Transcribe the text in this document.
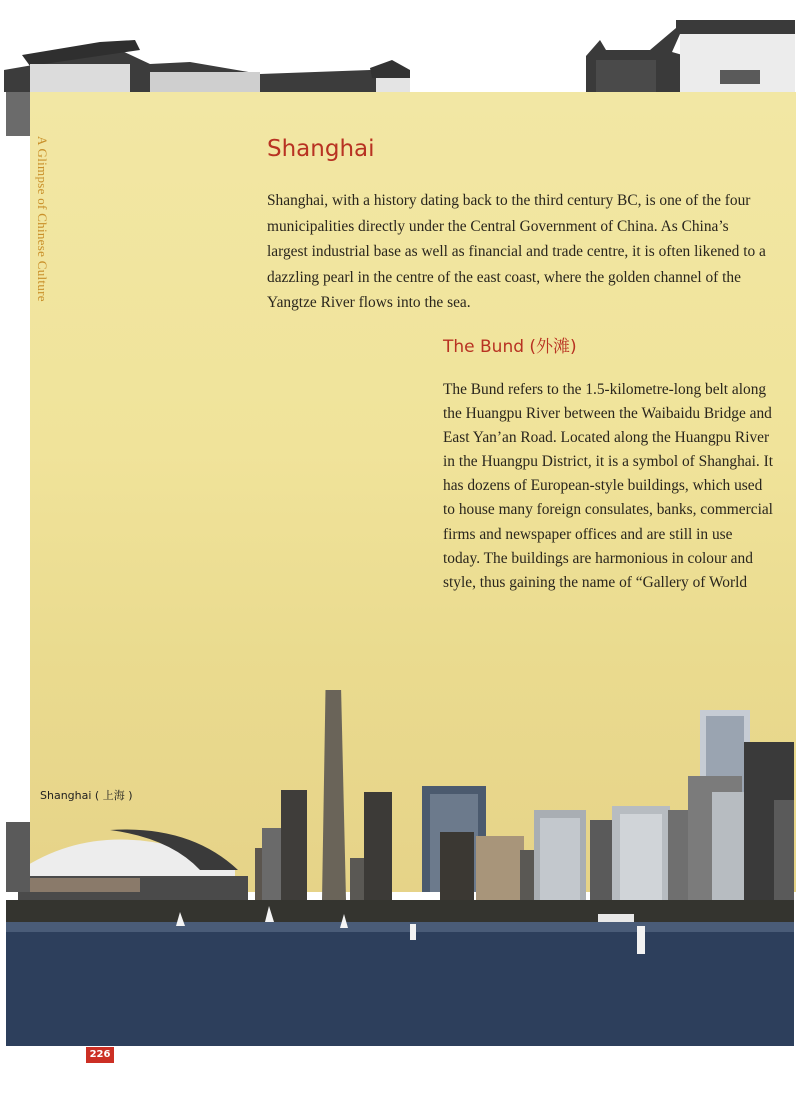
A Glimpse of Chinese Culture	Shanghai

Shanghai, with a history dating back to the third century BC, is one of the four municipalities directly under the Central Government of China. As China’s largest industrial base as well as financial and trade centre, it is often likened to a dazzling pearl in the centre of the east coast, where the golden channel of the Yangtze River flows into the sea.

The Bund (外滩)

The Bund refers to the 1.5-kilometre-long belt along the Huangpu River between the Waibaidu Bridge and East Yan’an Road. Located along the Huangpu River in the Huangpu District, it is a symbol of Shanghai. It has dozens of European-style buildings, which used to house many foreign consulates, banks, commercial firms and newspaper offices and are still in use today. The buildings are harmonious in colour and style, thus gaining the name of “Gallery of World

Shanghai ( 上海 )
226
